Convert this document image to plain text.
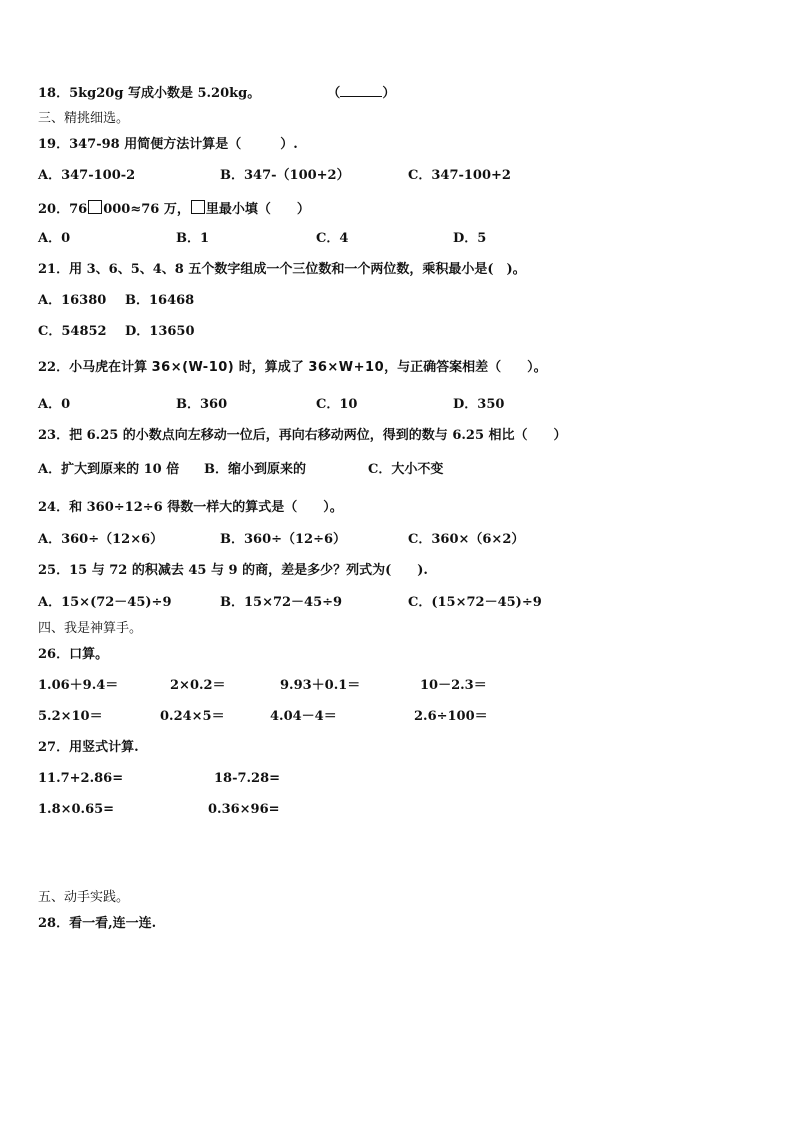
18．5kg20g 写成小数是 5.20kg。	（	）
三、精挑细选。
19．347-98 用简便方法计算是（　　　）.
A．347-100-2	B．347-（100+2）	C．347-100+2
20．76 000≈76 万， 里最小填（　　）
A．0	B．1	C．4	D．5
21．用 3、6、5、4、8 五个数字组成一个三位数和一个两位数，乘积最小是(　)。
A．16380 B．16468
C．54852 D．13650
22．小马虎在计算 36×(W-10) 时，算成了 36×W+10，与正确答案相差（　　）。
A．0	B．360	C．10	D．350
23．把 6.25 的小数点向左移动一位后，再向右移动两位，得到的数与 6.25 相比（　　）
A．扩大到原来的 10 倍 B．缩小到原来的	C．大小不变
24．和 360÷12÷6 得数一样大的算式是（　　）。
A．360÷（12×6）	B．360÷（12÷6）	C．360×（6×2）
25．15 与 72 的积减去 45 与 9 的商，差是多少？列式为(　　).
A．15×(72－45)÷9	B．15×72－45÷9	C．(15×72－45)÷9
四、我是神算手。
26．口算。
1.06＋9.4＝	2×0.2＝	9.93＋0.1＝	10－2.3＝
5.2×10＝	0.24×5＝	4.04－4＝	2.6÷100＝
27．用竖式计算.
11.7+2.86=	18-7.28=
1.8×0.65=	0.36×96=
五、动手实践。
28．看一看,连一连.
